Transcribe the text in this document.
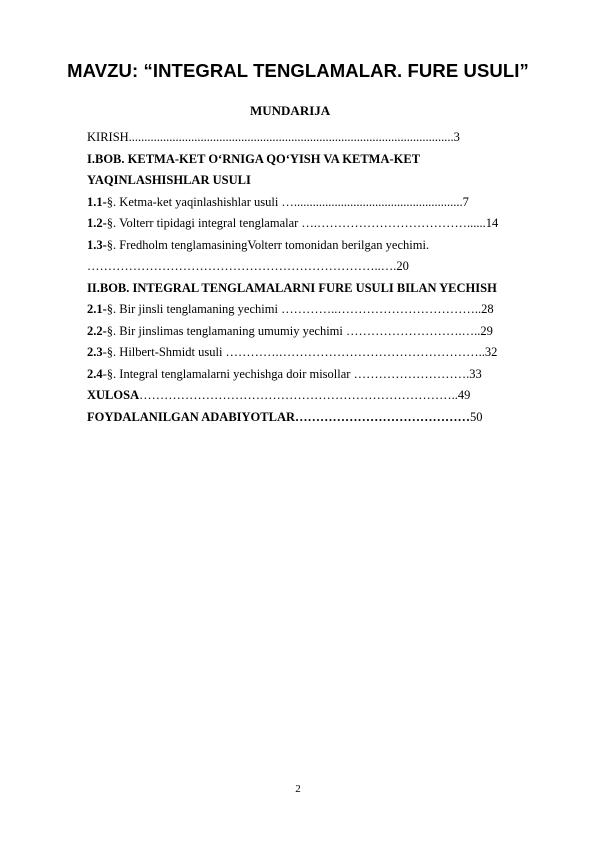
MAVZU: “INTEGRAL TENGLAMALAR. FURE USULI”
MUNDARIJA
KIRISH........................................................................................................3
I.BOB. KETMA-KET O‘RNIGA QO‘YISH VA KETMA-KET
YAQINLASHISHLAR USULI
1.1-§. Ketma-ket yaqinlashishlar usuli …......................................................7
1.2-§. Volterr tipidagi integral tenglamalar ….………………………………......14
1.3-§. Fredholm tenglamasiningVolterr tomonidan berilgan yechimi.
……………………………………………………………..….20
II.BOB. INTEGRAL TENGLAMALARNI FURE USULI BILAN YECHISH
2.1-§. Bir jinsli tenglamaning yechimi …………..……………………………..28
2.2-§. Bir jinslimas tenglamaning umumiy yechimi ……………………….…..29
2.3-§. Hilbert-Shmidt usuli ………….…………………………………………..32
2.4-§. Integral tenglamalarni yechishga doir misollar ……………………….33
XULOSA…………………………………………………………………..49
FOYDALANILGAN ADABIYOTLAR……………………………………50
2
